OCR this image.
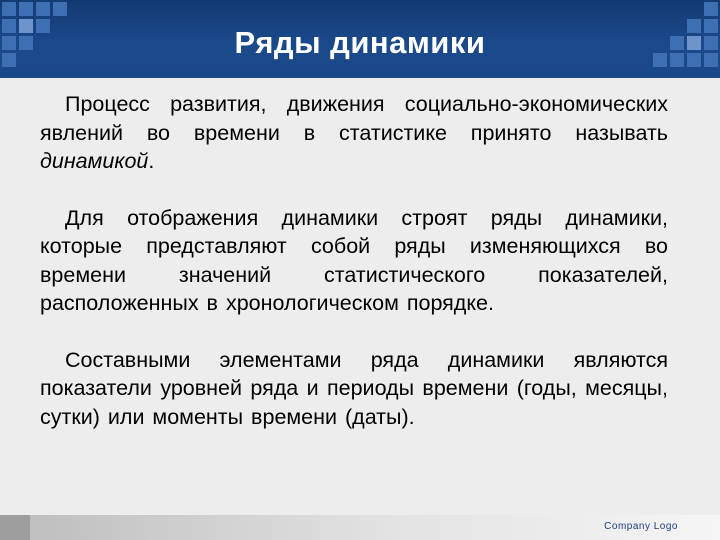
Ряды динамики

Процесс развития, движения социально-экономических явлений во времени в статистике принято называть динамикой.

Для отображения динамики строят ряды динамики, которые представляют собой ряды изменяющихся во времени значений статистического показателей, расположенных в хронологическом порядке.

Составными элементами ряда динамики являются показатели уровней ряда и периоды времени (годы, месяцы, сутки) или моменты времени (даты).

Company Logo
